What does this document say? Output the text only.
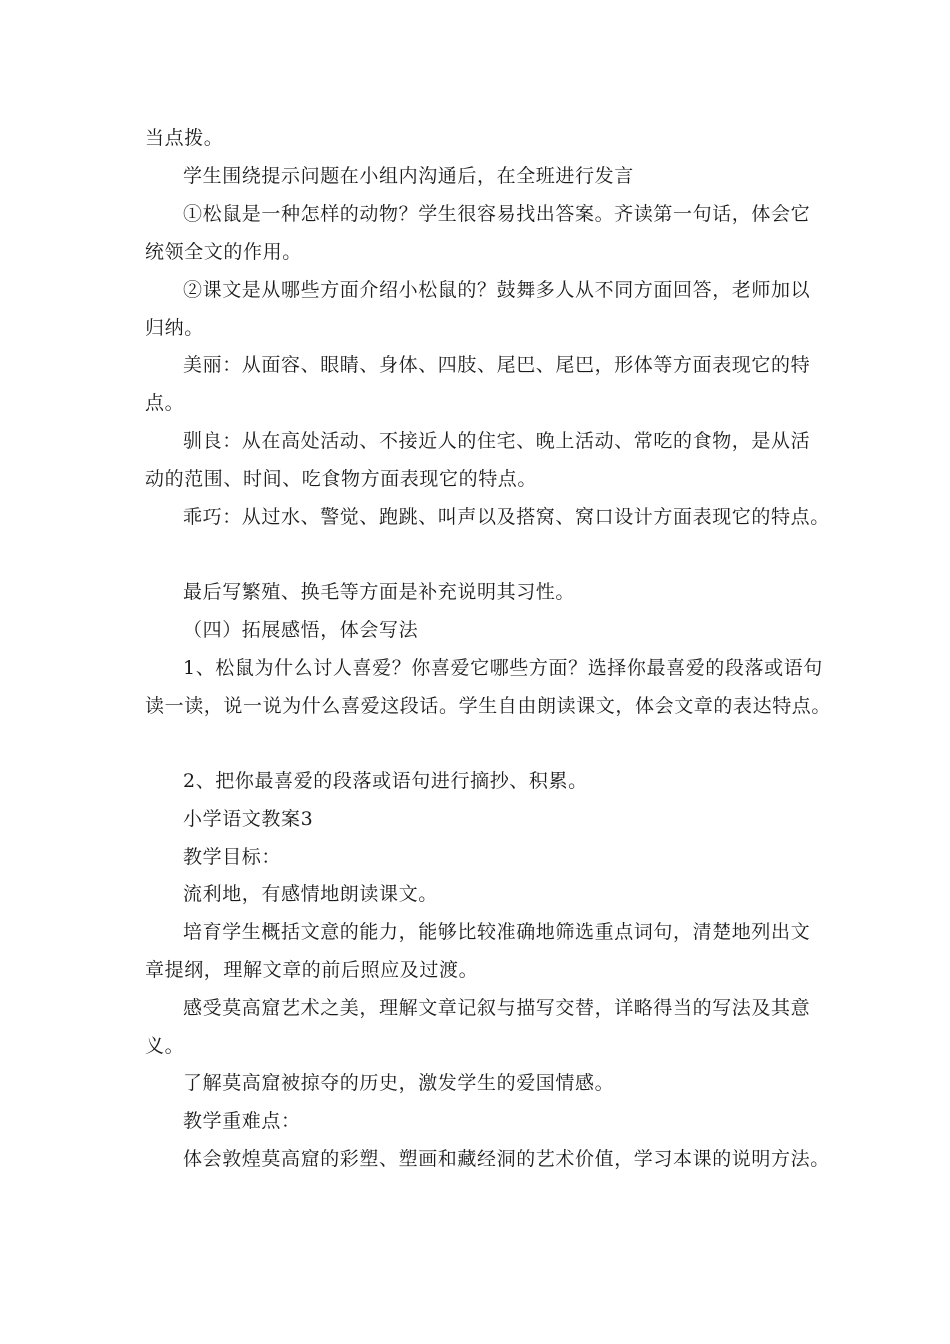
当点拨。

学生围绕提示问题在小组内沟通后，在全班进行发言

①松鼠是一种怎样的动物？学生很容易找出答案。齐读第一句话，体会它

统领全文的作用。

②课文是从哪些方面介绍小松鼠的？鼓舞多人从不同方面回答，老师加以

归纳。

美丽：从面容、眼睛、身体、四肢、尾巴、尾巴，形体等方面表现它的特

点。

驯良：从在高处活动、不接近人的住宅、晚上活动、常吃的食物，是从活

动的范围、时间、吃食物方面表现它的特点。

乖巧：从过水、警觉、跑跳、叫声以及搭窝、窝口设计方面表现它的特点。

最后写繁殖、换毛等方面是补充说明其习性。

（四）拓展感悟，体会写法

1、松鼠为什么讨人喜爱？你喜爱它哪些方面？选择你最喜爱的段落或语句

读一读，说一说为什么喜爱这段话。学生自由朗读课文，体会文章的表达特点。

2、把你最喜爱的段落或语句进行摘抄、积累。

小学语文教案3

教学目标：

流利地，有感情地朗读课文。

培育学生概括文意的能力，能够比较准确地筛选重点词句，清楚地列出文

章提纲，理解文章的前后照应及过渡。

感受莫高窟艺术之美，理解文章记叙与描写交替，详略得当的写法及其意

义。

了解莫高窟被掠夺的历史，激发学生的爱国情感。

教学重难点：

体会敦煌莫高窟的彩塑、塑画和藏经洞的艺术价值，学习本课的说明方法。
